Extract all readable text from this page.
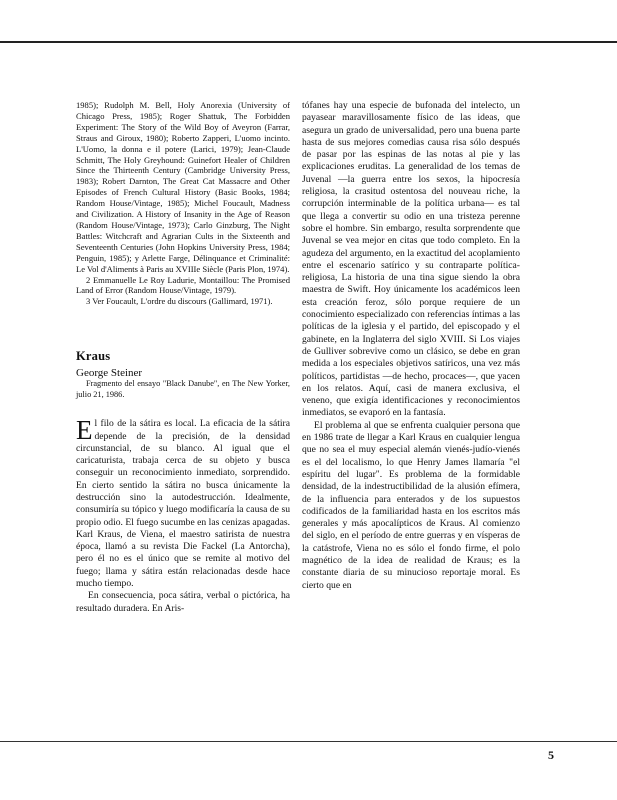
1985); Rudolph M. Bell, Holy Anorexia (University of Chicago Press, 1985); Roger Shattuk, The Forbidden Experiment: The Story of the Wild Boy of Aveyron (Farrar, Straus and Giroux, 1980); Roberto Zapperi, L'uomo incinto. L'Uomo, la donna e il potere (Larici, 1979); Jean-Claude Schmitt, The Holy Greyhound: Guinefort Healer of Children Since the Thirteenth Century (Cambridge University Press, 1983); Robert Darnton, The Great Cat Massacre and Other Episodes of French Cultural History (Basic Books, 1984; Random House/Vintage, 1985); Michel Foucault, Madness and Civilization. A History of Insanity in the Age of Reason (Random House/Vintage, 1973); Carlo Ginzburg, The Night Battles: Witchcraft and Agrarian Cults in the Sixteenth and Seventeenth Centuries (John Hopkins University Press, 1984; Penguin, 1985); y Arlette Farge, Délinquance et Criminalité: Le Vol d'Aliments à Paris au XVIIIe Siècle (Paris Plon, 1974).

2 Emmanuelle Le Roy Ladurie, Montaillou: The Promised Land of Error (Random House/Vintage, 1979).

3 Ver Foucault, L'ordre du discours (Gallimard, 1971).

Kraus
George Steiner

Fragmento del ensayo "Black Danube", en The New Yorker, julio 21, 1986.

El filo de la sátira es local. La eficacia de la sátira depende de la precisión, de la densidad circunstancial, de su blanco. Al igual que el caricaturista, trabaja cerca de su objeto y busca conseguir un reconocimiento inmediato, sorprendido. En cierto sentido la sátira no busca únicamente la destrucción sino la autodestrucción. Idealmente, consumiría su tópico y luego modificaría la causa de su propio odio. El fuego sucumbe en las cenizas apagadas. Karl Kraus, de Viena, el maestro satirista de nuestra época, llamó a su revista Die Fackel (La Antorcha), pero él no es el único que se remite al motivo del fuego; llama y sátira están relacionadas desde hace mucho tiempo.

En consecuencia, poca sátira, verbal o pictórica, ha resultado duradera. En Aris-

tófanes hay una especie de bufonada del intelecto, un payasear maravillosamente físico de las ideas, que asegura un grado de universalidad, pero una buena parte hasta de sus mejores comedias causa risa sólo después de pasar por las espinas de las notas al pie y las explicaciones eruditas. La generalidad de los temas de Juvenal —la guerra entre los sexos, la hipocresía religiosa, la crasitud ostentosa del nouveau riche, la corrupción interminable de la política urbana— es tal que llega a convertir su odio en una tristeza perenne sobre el hombre. Sin embargo, resulta sorprendente que Juvenal se vea mejor en citas que todo completo. En la agudeza del argumento, en la exactitud del acoplamiento entre el escenario satírico y su contraparte política-religiosa, La historia de una tina sigue siendo la obra maestra de Swift. Hoy únicamente los académicos leen esta creación feroz, sólo porque requiere de un conocimiento especializado con referencias íntimas a las políticas de la iglesia y el partido, del episcopado y el gabinete, en la Inglaterra del siglo XVIII. Si Los viajes de Gulliver sobrevive como un clásico, se debe en gran medida a los especiales objetivos satíricos, una vez más políticos, partidistas —de hecho, procaces—, que yacen en los relatos. Aquí, casi de manera exclusiva, el veneno, que exigía identificaciones y reconocimientos inmediatos, se evaporó en la fantasía.

El problema al que se enfrenta cualquier persona que en 1986 trate de llegar a Karl Kraus en cualquier lengua que no sea el muy especial alemán vienés-judío-vienés es el del localismo, lo que Henry James llamaría "el espíritu del lugar". Es problema de la formidable densidad, de la indestructibilidad de la alusión efímera, de la influencia para enterados y de los supuestos codificados de la familiaridad hasta en los escritos más generales y más apocalípticos de Kraus. Al comienzo del siglo, en el período de entre guerras y en vísperas de la catástrofe, Viena no es sólo el fondo firme, el polo magnético de la idea de realidad de Kraus; es la constante diaria de su minucioso reportaje moral. Es cierto que en

5
